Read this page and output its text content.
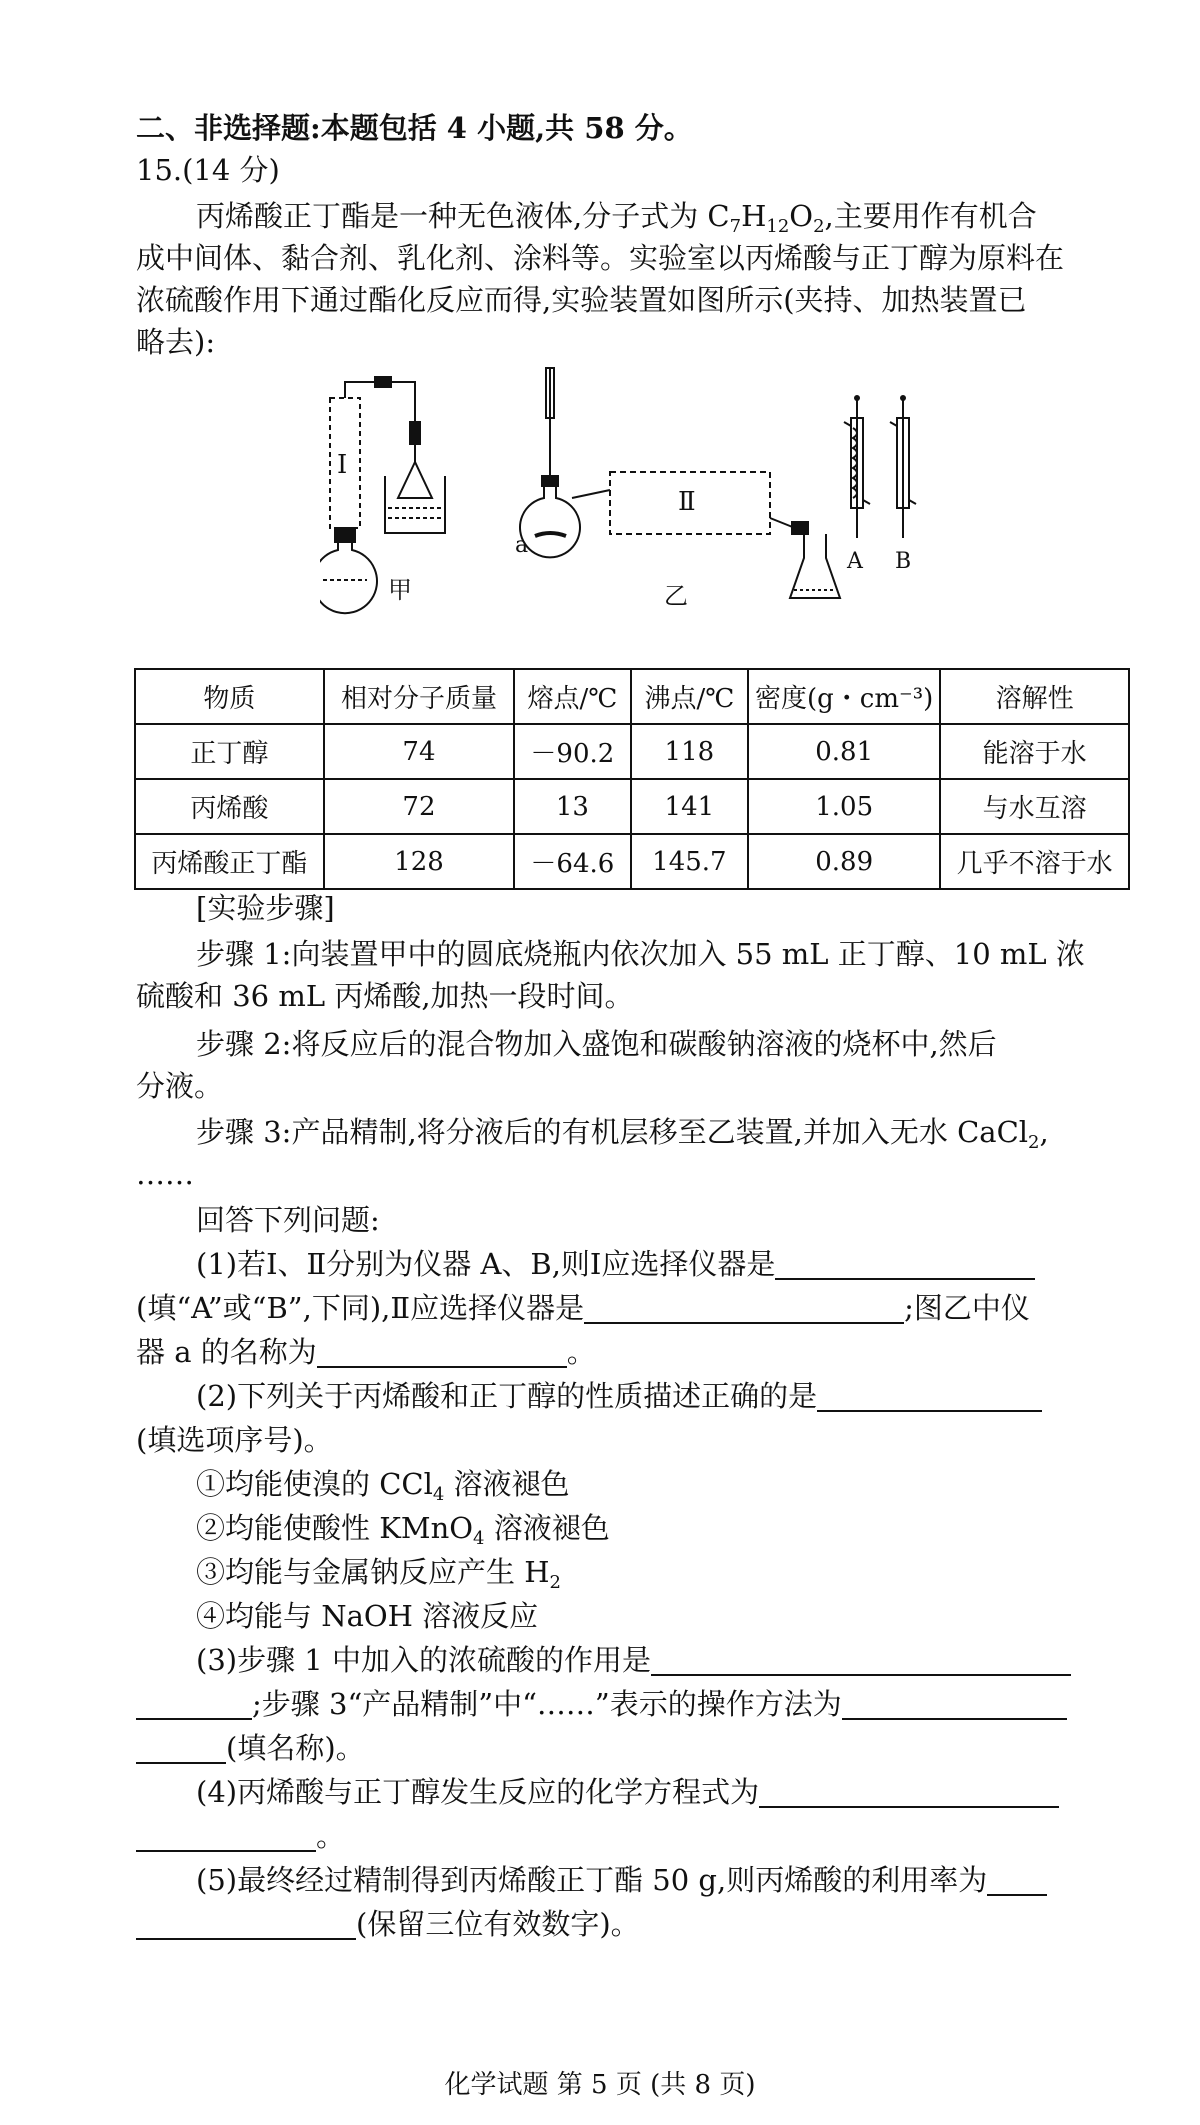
二、非选择题:本题包括 4 小题,共 58 分。
15.(14 分)
丙烯酸正丁酯是一种无色液体,分子式为 $C_7H_{12}O_2$,主要用作有机合
成中间体、黏合剂、乳化剂、涂料等。实验室以丙烯酸与正丁醇为原料在
浓硫酸作用下通过酯化反应而得,实验装置如图所示(夹持、加热装置已
略去):
Ⅰ
Ⅱ
a
A B
甲	乙
物质	相对分子质量	熔点/℃	沸点/℃	密度(g・cm⁻³)	溶解性
正丁醇	74	－90.2	118	0.81	能溶于水
丙烯酸	72	13	141	1.05	与水互溶
丙烯酸正丁酯	128	－64.6	145.7	0.89	几乎不溶于水
[实验步骤]
步骤 1:向装置甲中的圆底烧瓶内依次加入 55 mL 正丁醇、10 mL 浓
硫酸和 36 mL 丙烯酸,加热一段时间。
步骤 2:将反应后的混合物加入盛饱和碳酸钠溶液的烧杯中,然后
分液。
步骤 3:产品精制,将分液后的有机层移至乙装置,并加入无水 CaCl$_2$,
……
回答下列问题:
(1)若Ⅰ、Ⅱ分别为仪器 A、B,则Ⅰ应选择仪器是
(填“A”或“B”,下同),Ⅱ应选择仪器是	;图乙中仪
器 a 的名称为	。
(2)下列关于丙烯酸和正丁醇的性质描述正确的是
(填选项序号)。
①均能使溴的 CCl$_4$ 溶液褪色
②均能使酸性 KMnO$_4$ 溶液褪色
③均能与金属钠反应产生 $H_2$
④均能与 NaOH 溶液反应
(3)步骤 1 中加入的浓硫酸的作用是
;步骤 3“产品精制”中“……”表示的操作方法为
(填名称)。
(4)丙烯酸与正丁醇发生反应的化学方程式为
。
(5)最终经过精制得到丙烯酸正丁酯 50 g,则丙烯酸的利用率为
(保留三位有效数字)。
化学试题 第 5 页 (共 8 页)
